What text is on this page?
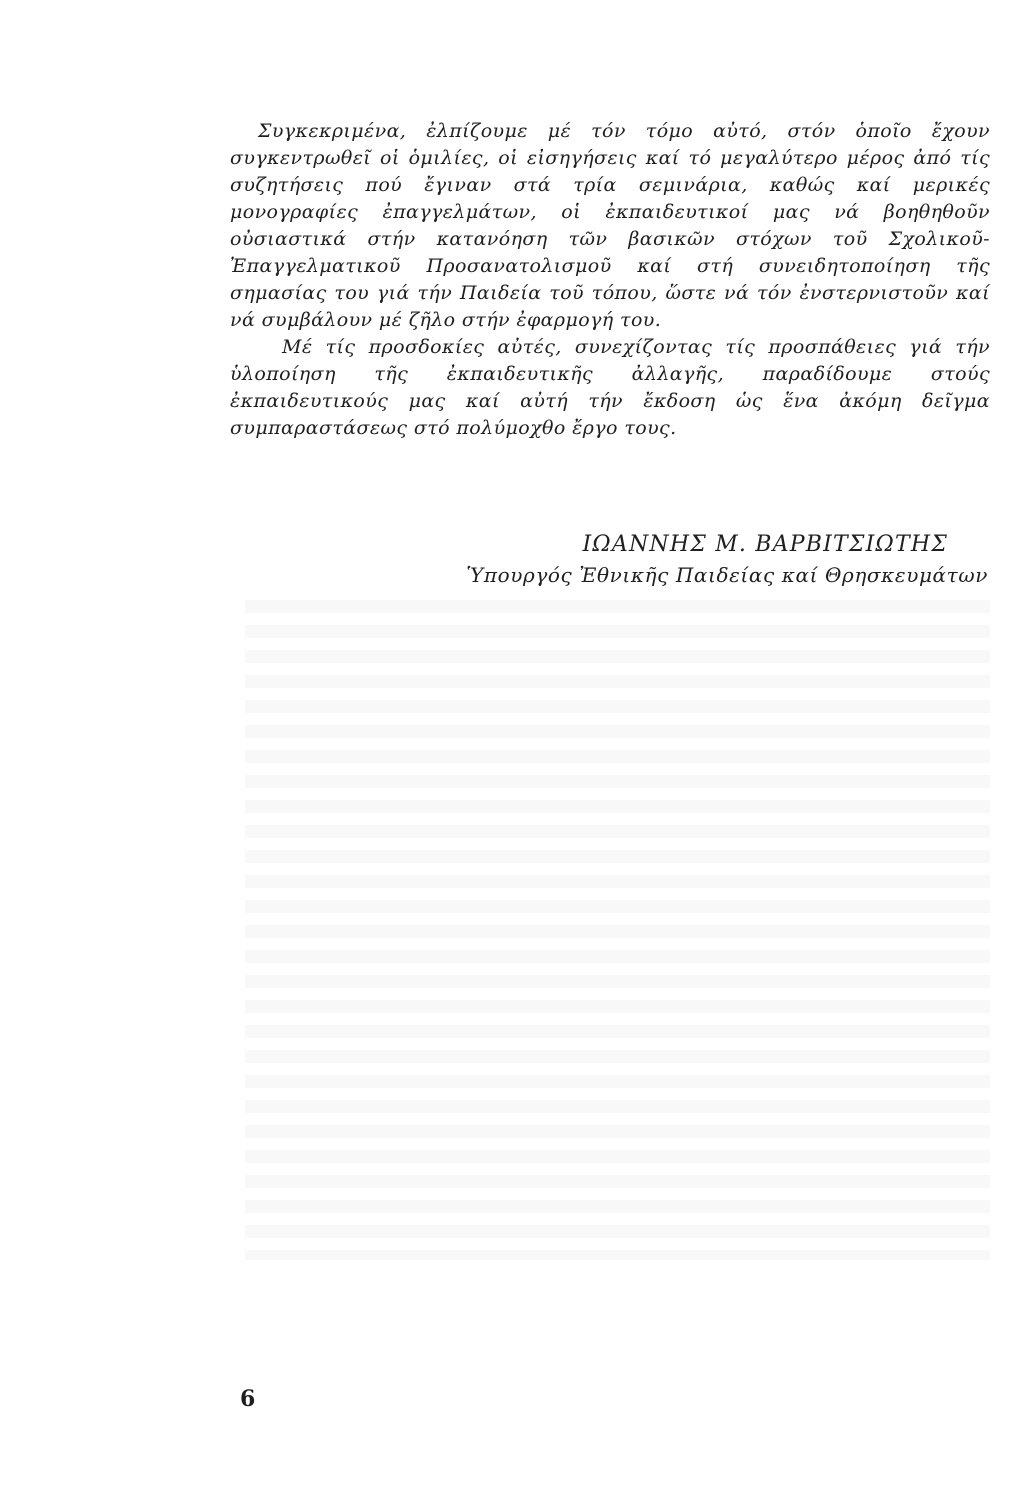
Συγκεκριμένα, ἐλπίζουμε μέ τόν τόμο αὐτό, στόν ὁποῖο ἔχουν συγκεντρωθεῖ οἱ ὁμιλίες, οἱ εἰσηγήσεις καί τό μεγαλύτερο μέρος ἀπό τίς συζητήσεις πού ἔγιναν στά τρία σεμινάρια, καθώς καί μερικές μονογραφίες ἐπαγγελμάτων, οἱ ἐκπαιδευτικοί μας νά βοηθηθοῦν οὐσιαστικά στήν κατανόηση τῶν βασικῶν στόχων τοῦ Σχολικοῦ-Ἐπαγγελματικοῦ Προσανατολισμοῦ καί στή συνειδητοποίηση τῆς σημασίας του γιά τήν Παιδεία τοῦ τόπου, ὥστε νά τόν ἐνστερνιστοῦν καί νά συμβάλουν μέ ζῆλο στήν ἐφαρμογή του.

Μέ τίς προσδοκίες αὐτές, συνεχίζοντας τίς προσπάθειες γιά τήν ὑλοποίηση τῆς ἐκπαιδευτικῆς ἀλλαγῆς, παραδίδουμε στούς ἐκπαιδευτικούς μας καί αὐτή τήν ἔκδοση ὡς ἕνα ἀκόμη δεῖγμα συμπαραστάσεως στό πολύμοχθο ἔργο τους.

ΙΩΑΝΝΗΣ Μ. ΒΑΡΒΙΤΣΙΩΤΗΣ
Ὑπουργός Ἐθνικῆς Παιδείας καί Θρησκευμάτων
6
